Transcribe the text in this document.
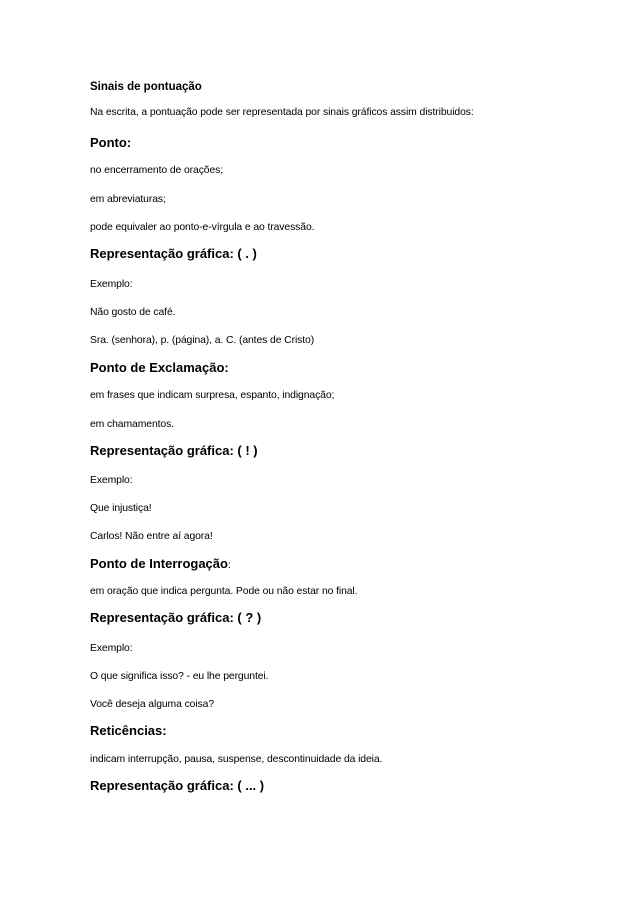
Sinais de pontuação
Na escrita, a pontuação pode ser representada por sinais gráficos assim distribuidos:
Ponto:
no encerramento de orações;
em abreviaturas;
pode equivaler ao ponto-e-vírgula e ao travessão.
Representação gráfica: ( . )
Exemplo:
Não gosto de café.
Sra. (senhora), p. (página), a. C. (antes de Cristo)
Ponto de Exclamação:
em frases que indicam surpresa, espanto, indignação;
em chamamentos.
Representação gráfica: ( ! )
Exemplo:
Que injustiça!
Carlos! Não entre aí agora!
Ponto de Interrogação:
em oração que indica pergunta. Pode ou não estar no final.
Representação gráfica: ( ? )
Exemplo:
O que significa isso? - eu lhe perguntei.
Você deseja alguma coisa?
Reticências:
indicam interrupção, pausa, suspense, descontinuidade da ideia.
Representação gráfica: ( ... )
